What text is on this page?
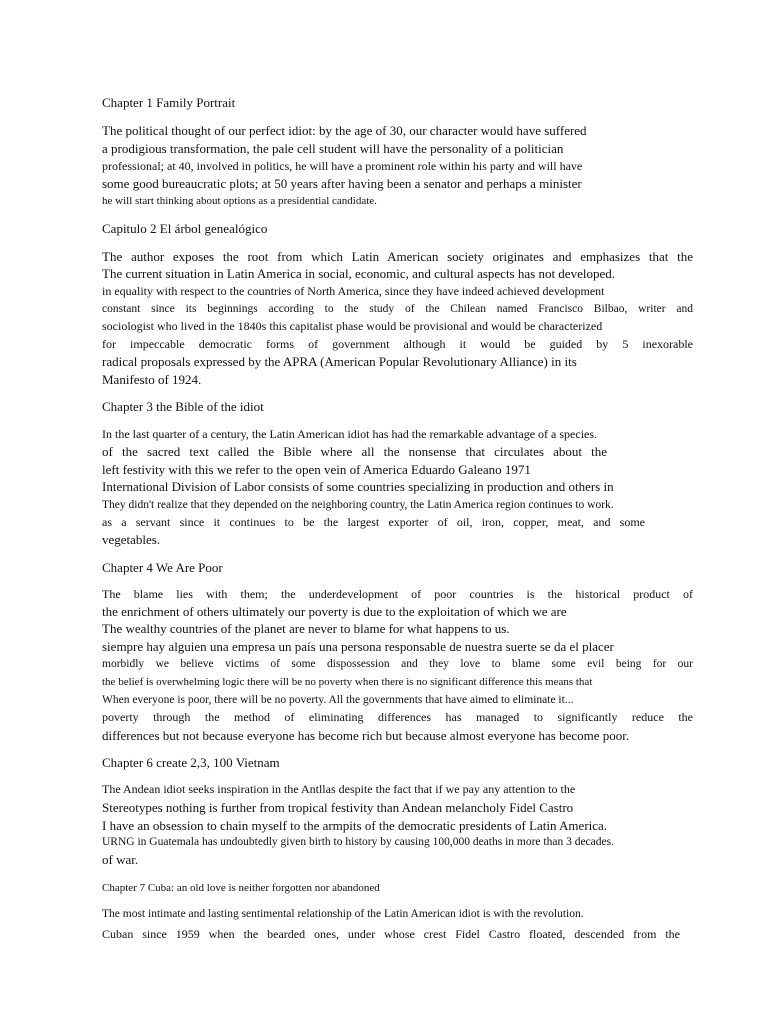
Chapter 1 Family Portrait
The political thought of our perfect idiot: by the age of 30, our character would have suffered
a prodigious transformation, the pale cell student will have the personality of a politician
professional; at 40, involved in politics, he will have a prominent role within his party and will have
some good bureaucratic plots; at 50 years after having been a senator and perhaps a minister
he will start thinking about options as a presidential candidate.
Capitulo 2 El árbol genealógico
The author exposes the root from which Latin American society originates and emphasizes that the
The current situation in Latin America in social, economic, and cultural aspects has not developed.
in equality with respect to the countries of North America, since they have indeed achieved development
constant since its beginnings according to the study of the Chilean named Francisco Bilbao, writer and
sociologist who lived in the 1840s this capitalist phase would be provisional and would be characterized
for impeccable democratic forms of government although it would be guided by 5 inexorable
radical proposals expressed by the APRA (American Popular Revolutionary Alliance) in its
Manifesto of 1924.
Chapter 3 the Bible of the idiot
In the last quarter of a century, the Latin American idiot has had the remarkable advantage of a species.
of the sacred text called the Bible where all the nonsense that circulates about the
left festivity with this we refer to the open vein of America Eduardo Galeano 1971
International Division of Labor consists of some countries specializing in production and others in
They didn't realize that they depended on the neighboring country, the Latin America region continues to work.
as a servant since it continues to be the largest exporter of oil, iron, copper, meat, and some
vegetables.
Chapter 4 We Are Poor
The blame lies with them; the underdevelopment of poor countries is the historical product of
the enrichment of others ultimately our poverty is due to the exploitation of which we are
The wealthy countries of the planet are never to blame for what happens to us.
siempre hay alguien una empresa un país una persona responsable de nuestra suerte se da el placer
morbidly we believe victims of some dispossession and they love to blame some evil being for our
the belief is overwhelming logic there will be no poverty when there is no significant difference this means that
When everyone is poor, there will be no poverty. All the governments that have aimed to eliminate it...
poverty through the method of eliminating differences has managed to significantly reduce the
differences but not because everyone has become rich but because almost everyone has become poor.
Chapter 6 create 2,3, 100 Vietnam
The Andean idiot seeks inspiration in the Antllas despite the fact that if we pay any attention to the
Stereotypes nothing is further from tropical festivity than Andean melancholy Fidel Castro
I have an obsession to chain myself to the armpits of the democratic presidents of Latin America.
URNG in Guatemala has undoubtedly given birth to history by causing 100,000 deaths in more than 3 decades.
of war.
Chapter 7 Cuba: an old love is neither forgotten nor abandoned
The most intimate and lasting sentimental relationship of the Latin American idiot is with the revolution.
Cuban since 1959 when the bearded ones, under whose crest Fidel Castro floated, descended from the
